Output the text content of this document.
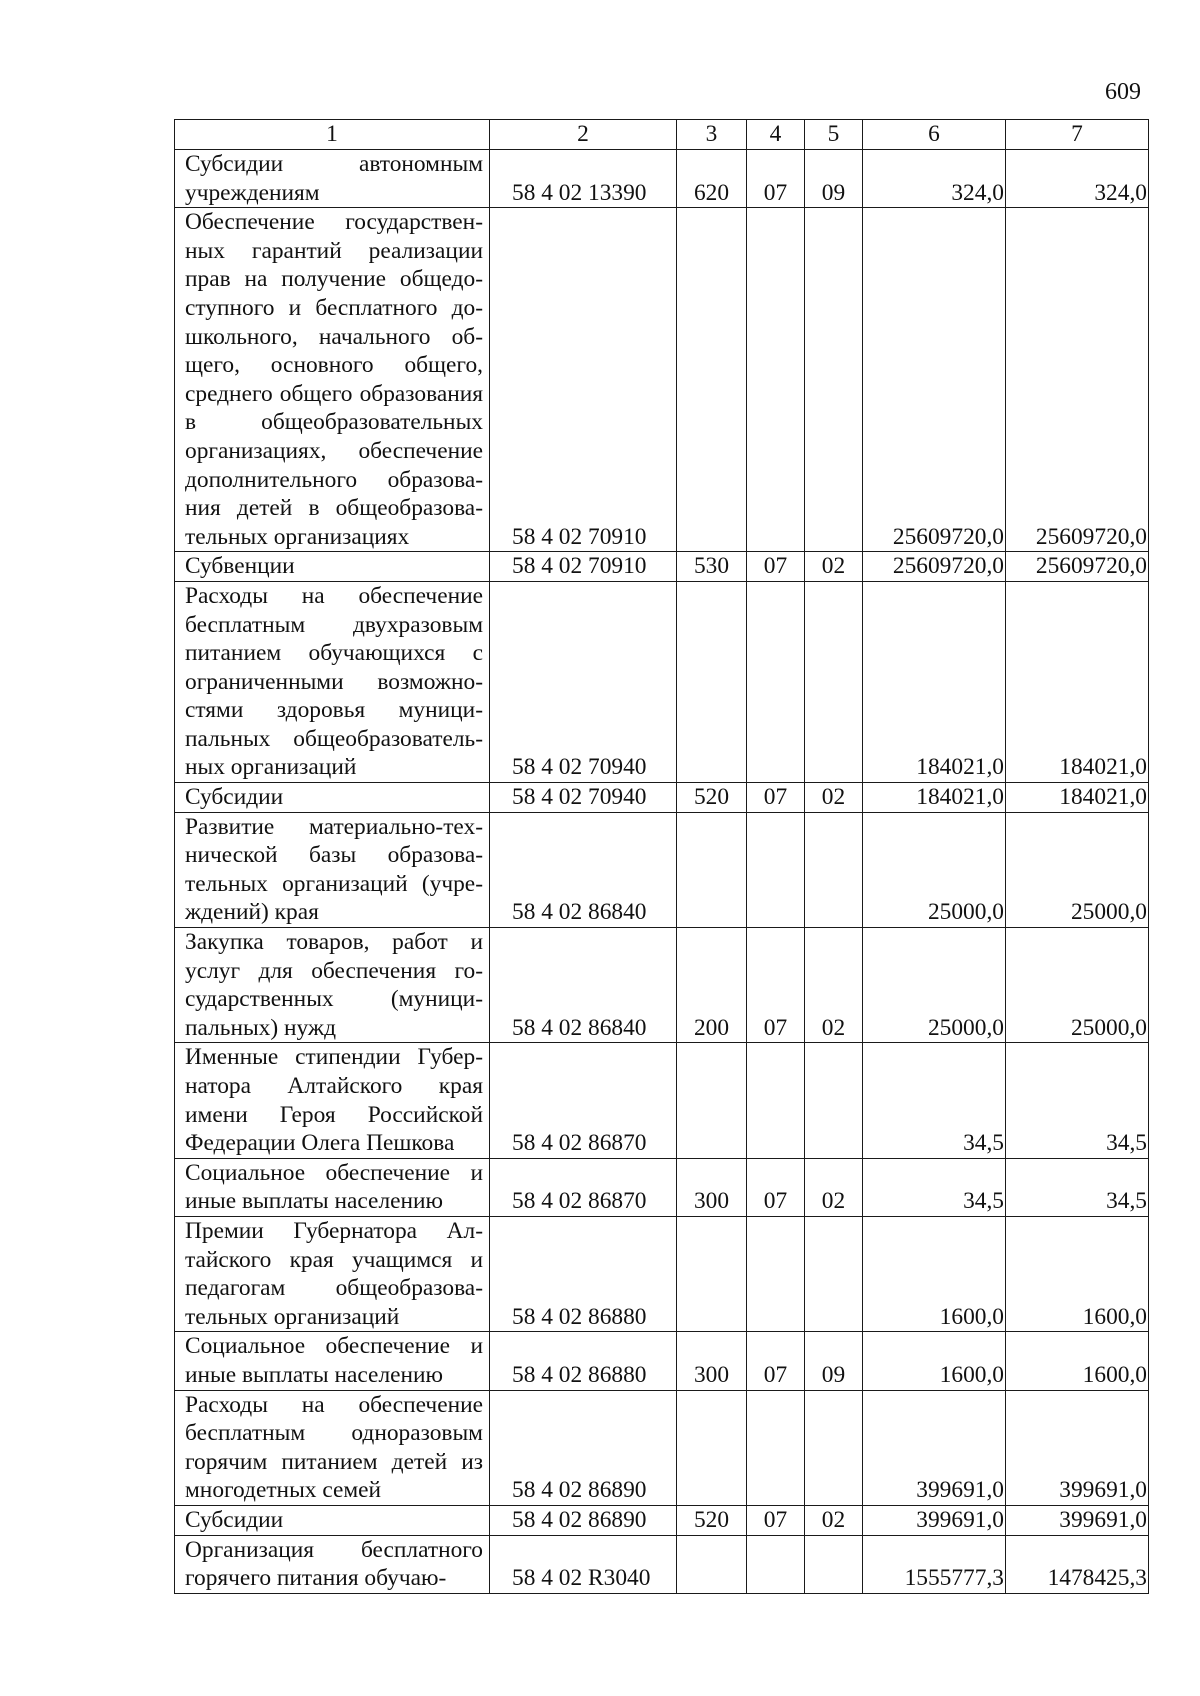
609
1	2	3	4	5	6	7
Субсидии автономным учреждениям	58 4 02 13390	620	07	09	324,0	324,0
Обеспечение государственных гарантий реализации прав на получение общедоступного и бесплатного дошкольного, начального общего, основного общего, среднего общего образования в общеобразовательных организациях, обеспечение дополнительного образования детей в общеобразовательных организациях	58 4 02 70910				25609720,0	25609720,0
Субвенции	58 4 02 70910	530	07	02	25609720,0	25609720,0
Расходы на обеспечение бесплатным двухразовым питанием обучающихся с ограниченными возможностями здоровья муниципальных общеобразовательных организаций	58 4 02 70940				184021,0	184021,0
Субсидии	58 4 02 70940	520	07	02	184021,0	184021,0
Развитие материально-технической базы образовательных организаций (учреждений) края	58 4 02 86840				25000,0	25000,0
Закупка товаров, работ и услуг для обеспечения государственных (муниципальных) нужд	58 4 02 86840	200	07	02	25000,0	25000,0
Именные стипендии Губернатора Алтайского края имени Героя Российской Федерации Олега Пешкова	58 4 02 86870				34,5	34,5
Социальное обеспечение и иные выплаты населению	58 4 02 86870	300	07	02	34,5	34,5
Премии Губернатора Алтайского края учащимся и педагогам общеобразовательных организаций	58 4 02 86880				1600,0	1600,0
Социальное обеспечение и иные выплаты населению	58 4 02 86880	300	07	09	1600,0	1600,0
Расходы на обеспечение бесплатным одноразовым горячим питанием детей из многодетных семей	58 4 02 86890				399691,0	399691,0
Субсидии	58 4 02 86890	520	07	02	399691,0	399691,0
Организация бесплатного горячего питания обучаю-	58 4 02 R3040				1555777,3	1478425,3
